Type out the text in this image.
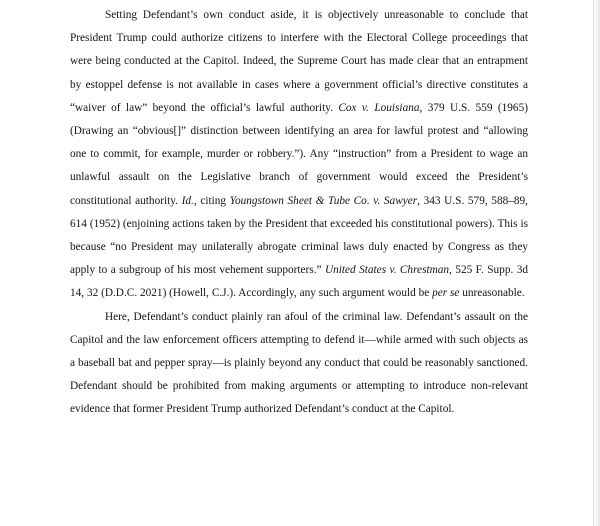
Setting Defendant’s own conduct aside, it is objectively unreasonable to conclude that President Trump could authorize citizens to interfere with the Electoral College proceedings that were being conducted at the Capitol. Indeed, the Supreme Court has made clear that an entrapment by estoppel defense is not available in cases where a government official’s directive constitutes a “waiver of law” beyond the official’s lawful authority. Cox v. Louisiana, 379 U.S. 559 (1965) (Drawing an “obvious[]” distinction between identifying an area for lawful protest and “allowing one to commit, for example, murder or robbery.”). Any “instruction” from a President to wage an unlawful assault on the Legislative branch of government would exceed the President’s constitutional authority. Id., citing Youngstown Sheet & Tube Co. v. Sawyer, 343 U.S. 579, 588–89, 614 (1952) (enjoining actions taken by the President that exceeded his constitutional powers). This is because “no President may unilaterally abrogate criminal laws duly enacted by Congress as they apply to a subgroup of his most vehement supporters.” United States v. Chrestman, 525 F. Supp. 3d 14, 32 (D.D.C. 2021) (Howell, C.J.). Accordingly, any such argument would be per se unreasonable.

Here, Defendant’s conduct plainly ran afoul of the criminal law. Defendant’s assault on the Capitol and the law enforcement officers attempting to defend it—while armed with such objects as a baseball bat and pepper spray—is plainly beyond any conduct that could be reasonably sanctioned. Defendant should be prohibited from making arguments or attempting to introduce non-relevant evidence that former President Trump authorized Defendant’s conduct at the Capitol.
